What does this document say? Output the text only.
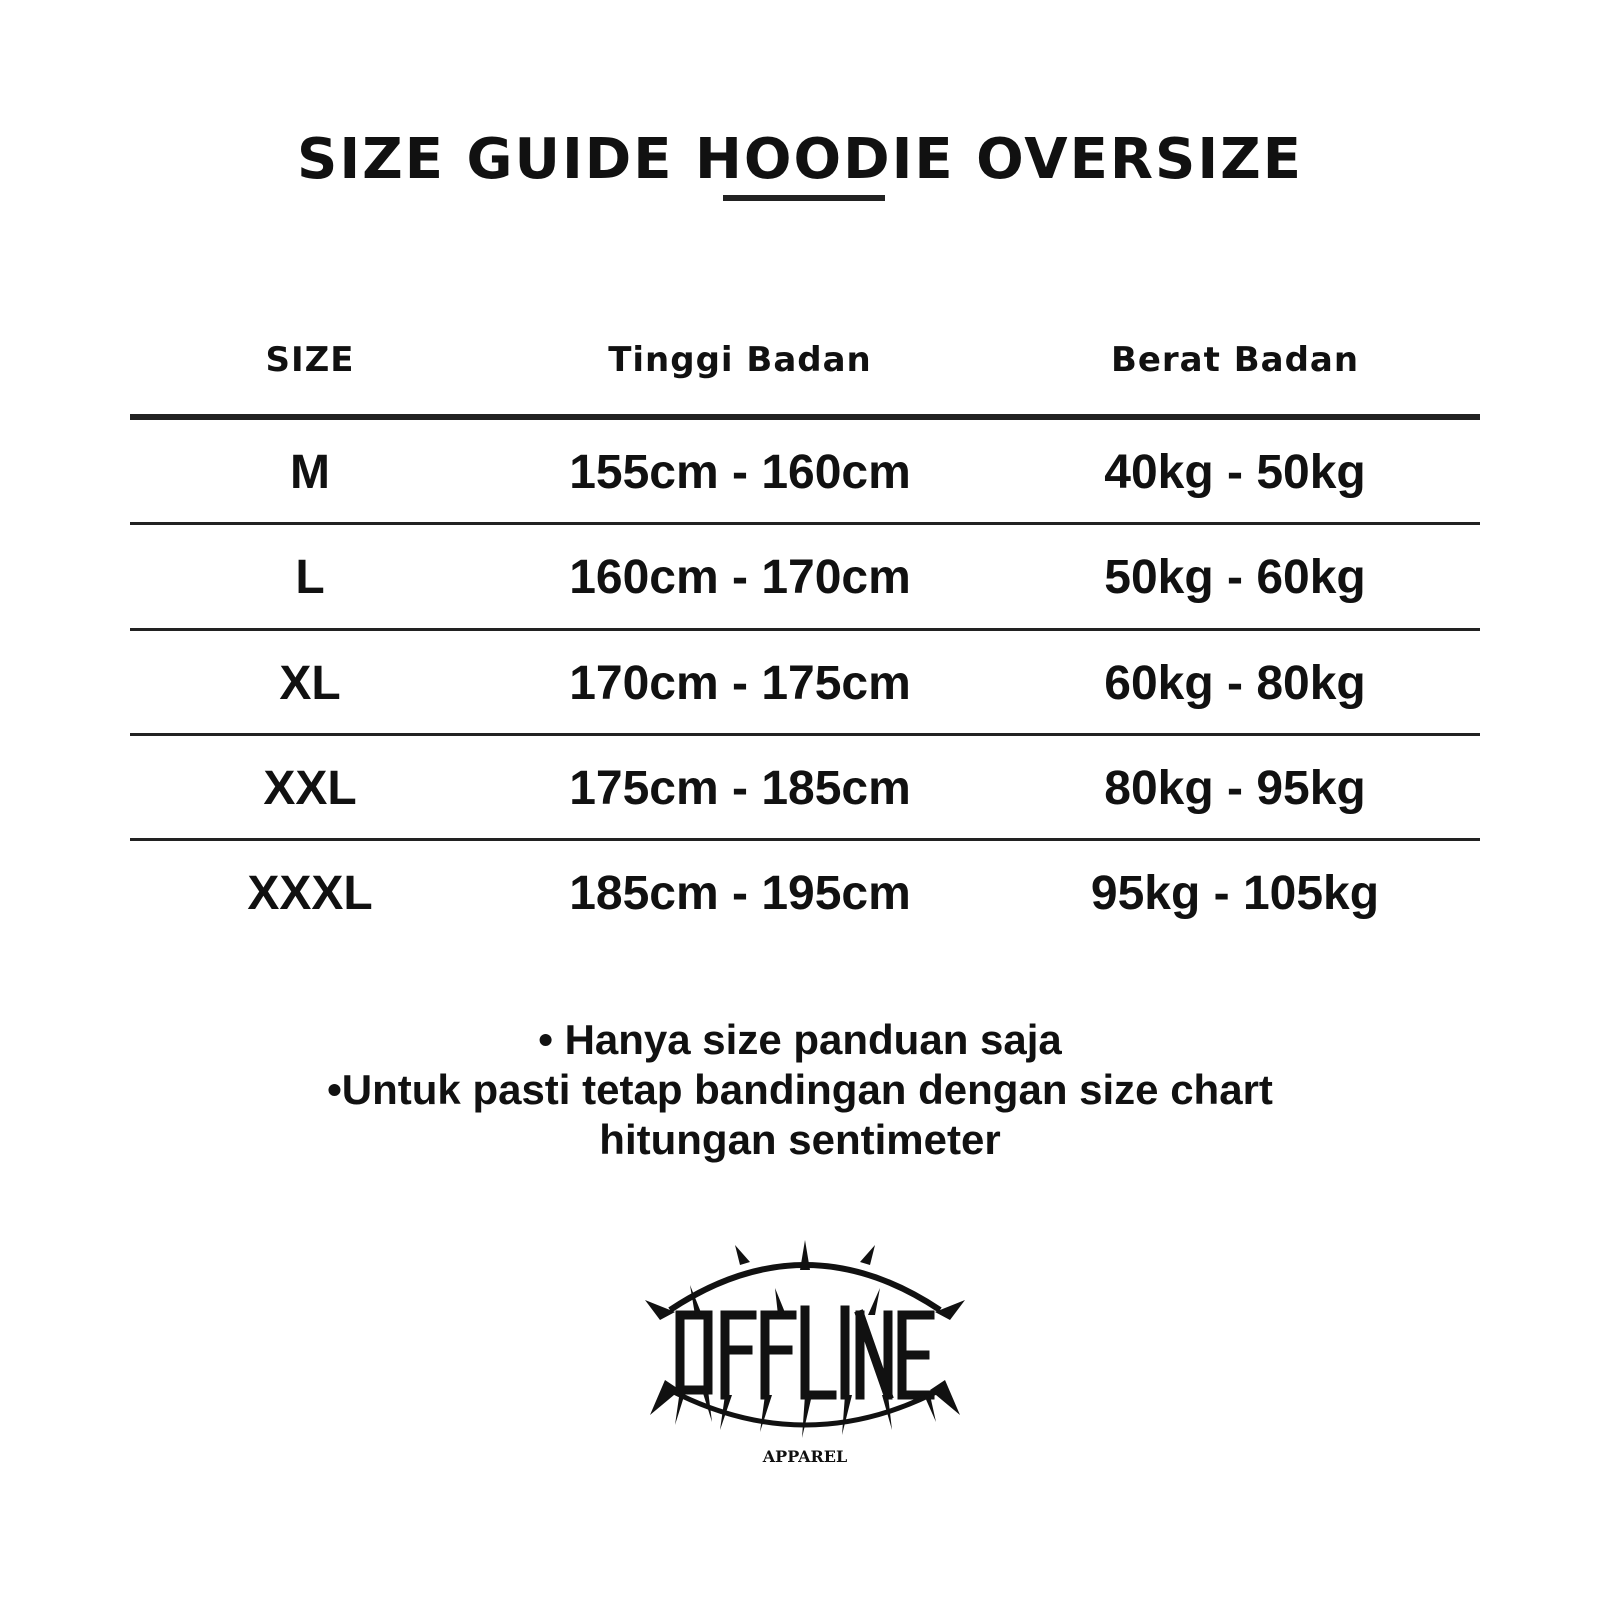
SIZE GUIDE HOODIE OVERSIZE
SIZE	Tinggi Badan	Berat Badan
M	155cm - 160cm	40kg - 50kg
L	160cm - 170cm	50kg - 60kg
XL	170cm - 175cm	60kg - 80kg
XXL	175cm - 185cm	80kg - 95kg
XXXL	185cm - 195cm	95kg - 105kg
• Hanya size panduan saja
•Untuk pasti tetap bandingan dengan size chart
hitungan sentimeter
APPAREL
